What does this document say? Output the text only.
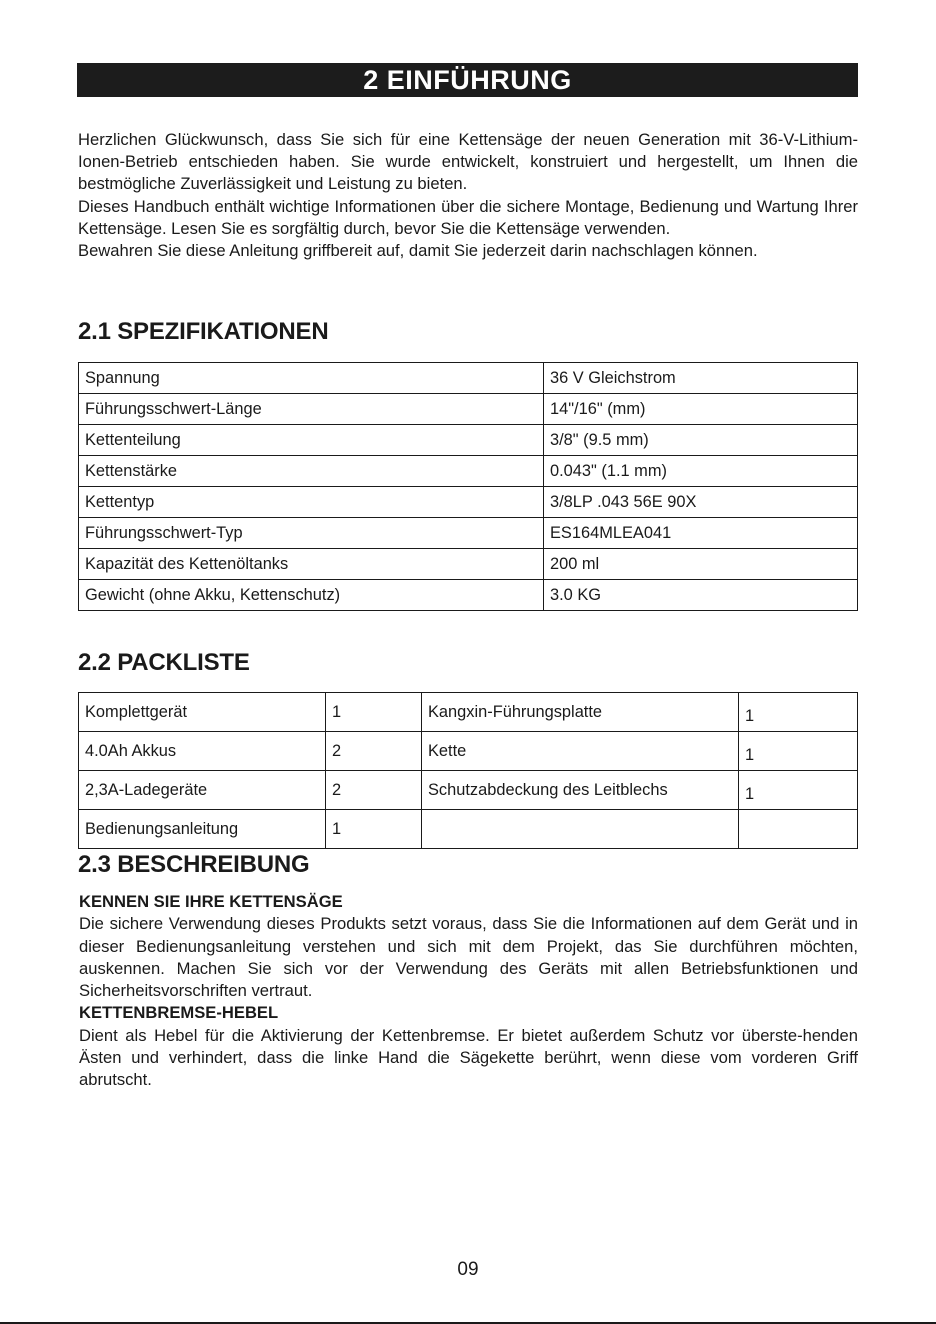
2 EINFÜHRUNG

Herzlichen Glückwunsch, dass Sie sich für eine Kettensäge der neuen Generation mit 36-V-Lithium-Ionen-Betrieb entschieden haben. Sie wurde entwickelt, konstruiert und hergestellt, um Ihnen die bestmögliche Zuverlässigkeit und Leistung zu bieten.

Dieses Handbuch enthält wichtige Informationen über die sichere Montage, Bedienung und Wartung Ihrer Kettensäge. Lesen Sie es sorgfältig durch, bevor Sie die Kettensäge verwenden.

Bewahren Sie diese Anleitung griffbereit auf, damit Sie jederzeit darin nachschlagen können.

2.1 SPEZIFIKATIONEN
Spannung	36 V Gleichstrom
Führungsschwert-Länge	14"/16" (mm)
Kettenteilung	3/8" (9.5 mm)
Kettenstärke	0.043" (1.1 mm)
Kettentyp	3/8LP .043 56E 90X
Führungsschwert-Typ	ES164MLEA041
Kapazität des Kettenöltanks	200 ml
Gewicht (ohne Akku, Kettenschutz)	3.0 KG
2.2 PACKLISTE
Komplettgerät	1	Kangxin-Führungsplatte	1
4.0Ah Akkus	2	Kette	1
2,3A-Ladegeräte	2	Schutzabdeckung des Leitblechs	1
Bedienungsanleitung	1		
2.3 BESCHREIBUNG
KENNEN SIE IHRE KETTENSÄGE

Die sichere Verwendung dieses Produkts setzt voraus, dass Sie die Informationen auf dem Gerät und in dieser Bedienungsanleitung verstehen und sich mit dem Projekt, das Sie durchführen möchten, auskennen. Machen Sie sich vor der Verwendung des Geräts mit allen Betriebsfunktionen und Sicherheitsvorschriften vertraut.

KETTENBREMSE-HEBEL

Dient als Hebel für die Aktivierung der Kettenbremse. Er bietet außerdem Schutz vor überste-henden Ästen und verhindert, dass die linke Hand die Sägekette berührt, wenn diese vom vorderen Griff abrutscht.

09
